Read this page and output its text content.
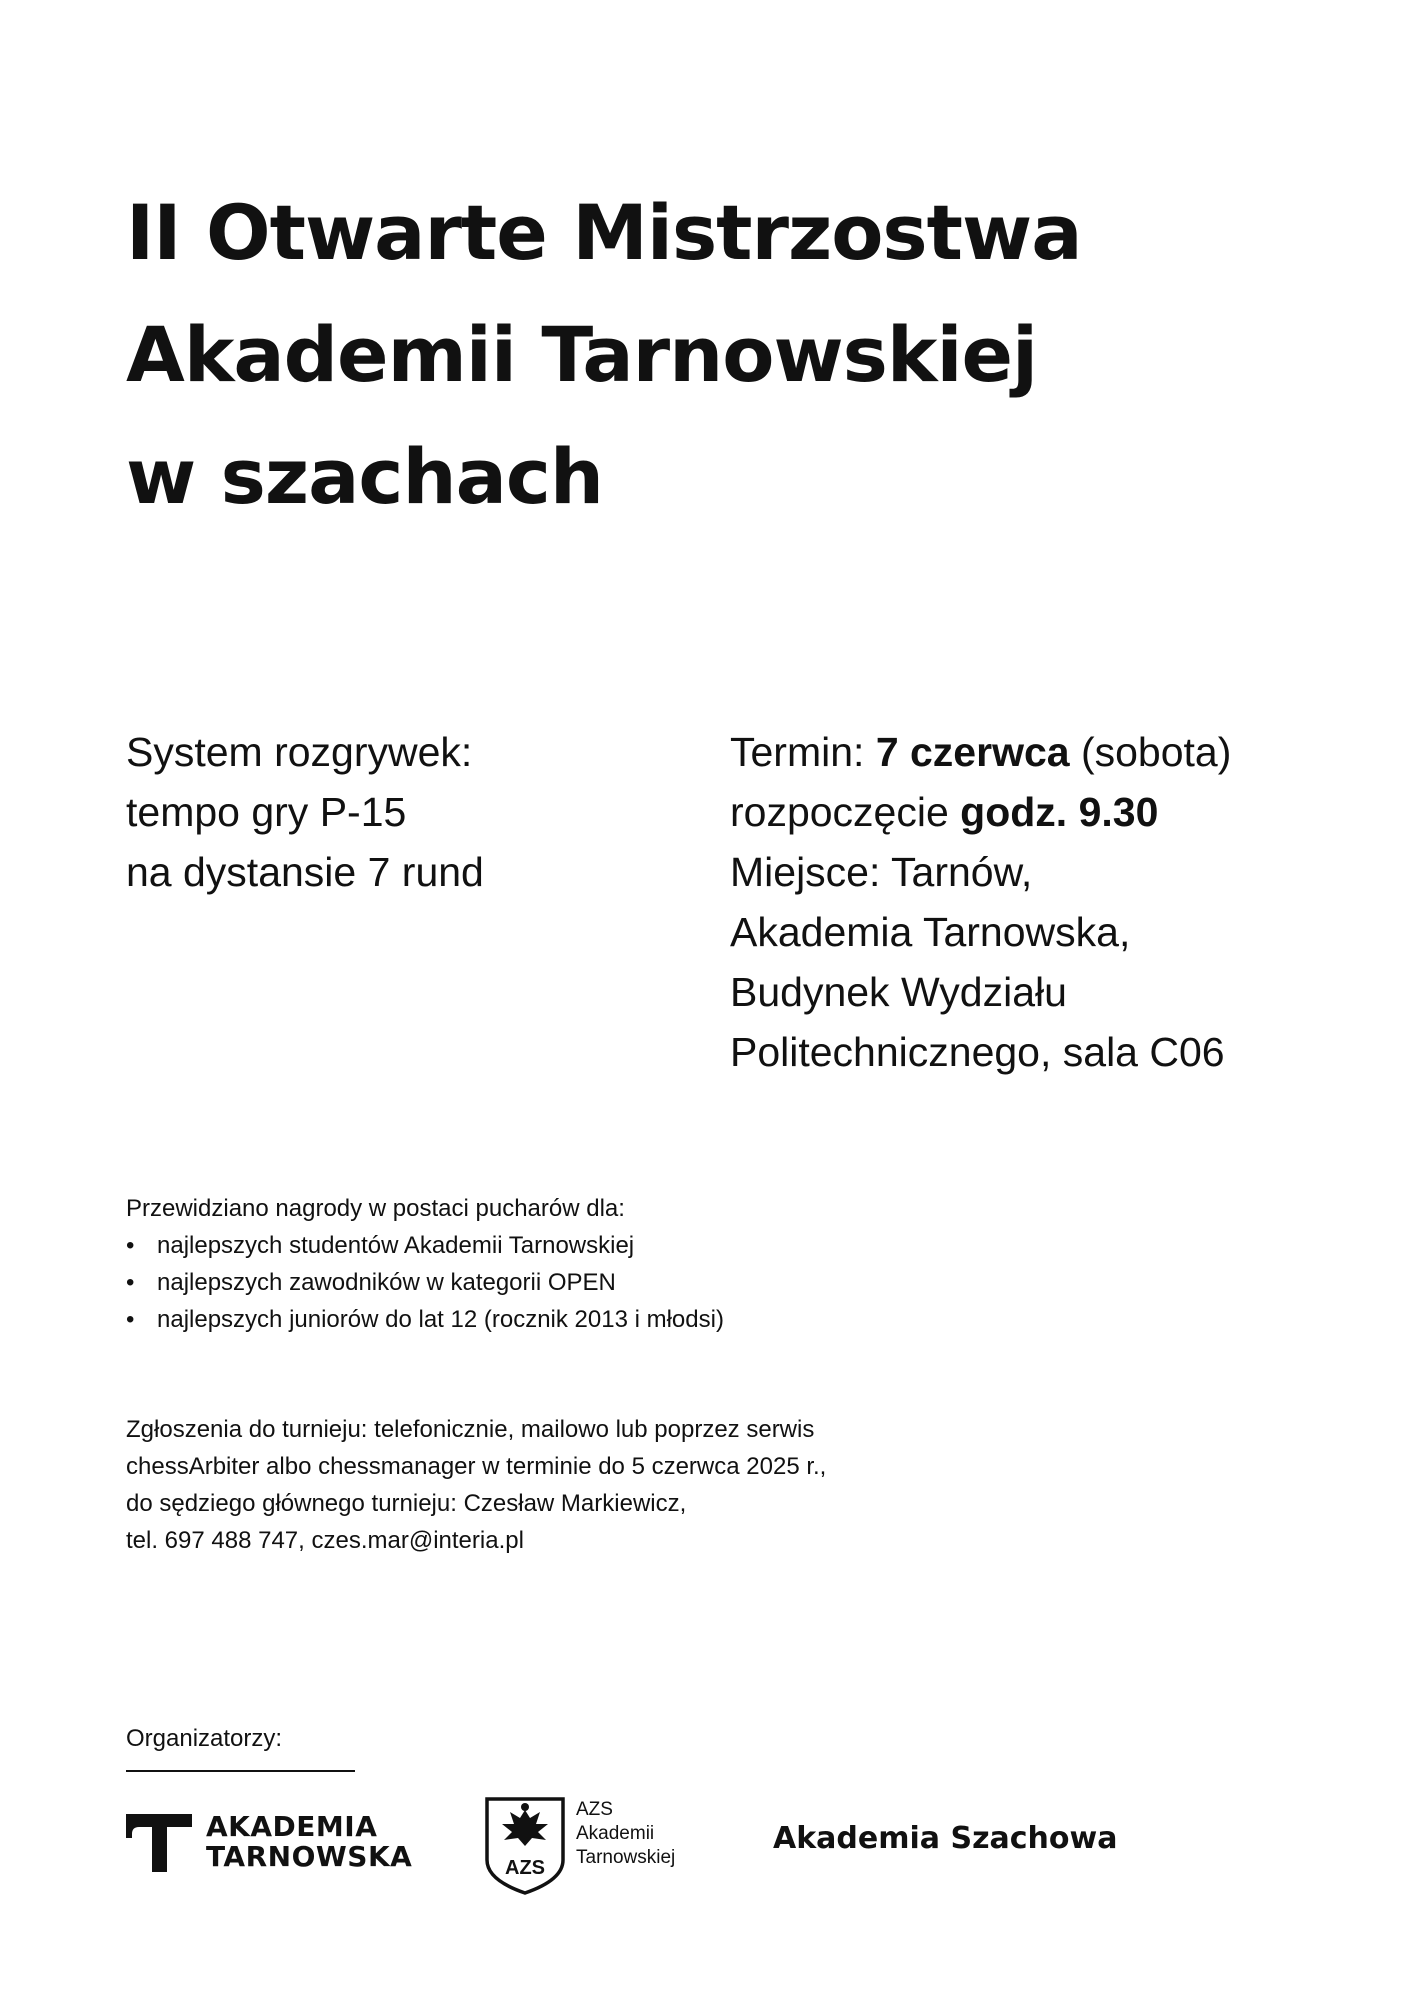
II Otwarte Mistrzostwa
Akademii Tarnowskiej
w szachach
System rozgrywek:
tempo gry P-15
na dystansie 7 rund
Termin: 7 czerwca (sobota)
rozpoczęcie godz. 9.30
Miejsce: Tarnów,
Akademia Tarnowska,
Budynek Wydziału
Politechnicznego, sala C06
Przewidziano nagrody w postaci pucharów dla:
• najlepszych studentów Akademii Tarnowskiej
• najlepszych zawodników w kategorii OPEN
• najlepszych juniorów do lat 12 (rocznik 2013 i młodsi)
Zgłoszenia do turnieju: telefonicznie, mailowo lub poprzez serwis
chessArbiter albo chessmanager w terminie do 5 czerwca 2025 r.,
do sędziego głównego turnieju: Czesław Markiewicz,
tel. 697 488 747, czes.mar@interia.pl
Organizatorzy:
AKADEMIA
TARNOWSKA	AZS
AZS
Akademii
Tarnowskiej
Akademia Szachowa
